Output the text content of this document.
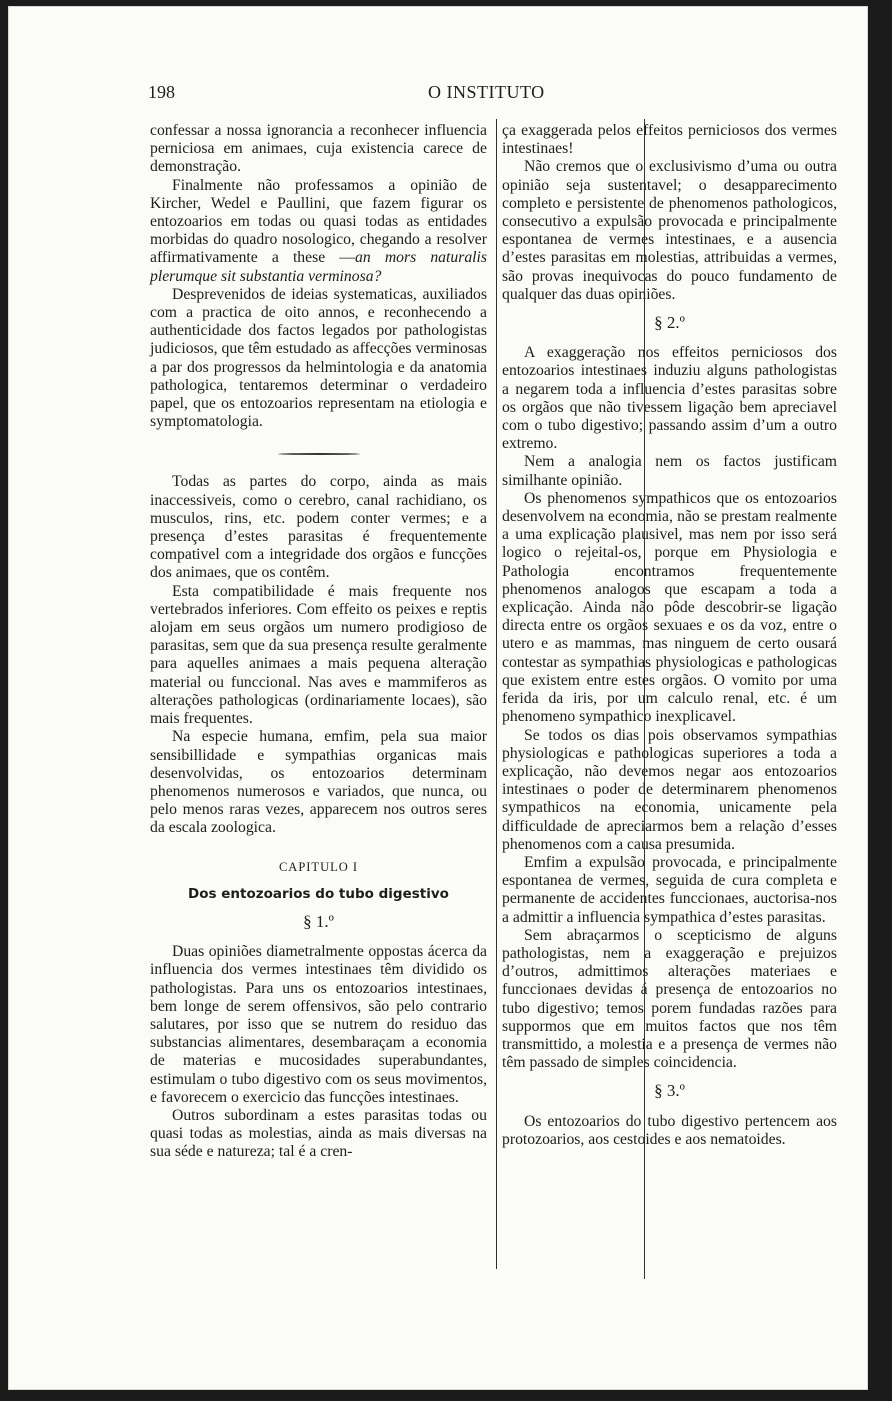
198	O INSTITUTO

confessar a nossa ignorancia a reconhecer influencia perniciosa em animaes, cuja existencia carece de demonstração.

Finalmente não professamos a opinião de Kircher, Wedel e Paullini, que fazem figurar os entozoarios em todas ou quasi todas as entidades morbidas do quadro nosologico, chegando a resolver affirmativamente a these —an mors naturalis plerumque sit substantia verminosa?

Desprevenidos de ideias systematicas, auxiliados com a practica de oito annos, e reconhecendo a authenticidade dos factos legados por pathologistas judiciosos, que têm estudado as affecções verminosas a par dos progressos da helmintologia e da anatomia pathologica, tentaremos determinar o verdadeiro papel, que os entozoarios representam na etiologia e symptomatologia.

Todas as partes do corpo, ainda as mais inaccessiveis, como o cerebro, canal rachidiano, os musculos, rins, etc. podem conter vermes; e a presença d’estes parasitas é frequentemente compativel com a integridade dos orgãos e funcções dos animaes, que os contêm.

Esta compatibilidade é mais frequente nos vertebrados inferiores. Com effeito os peixes e reptis alojam em seus orgãos um numero prodigioso de parasitas, sem que da sua presença resulte geralmente para aquelles animaes a mais pequena alteração material ou funccional. Nas aves e mammiferos as alterações pathologicas (ordinariamente locaes), são mais frequentes.

Na especie humana, emfim, pela sua maior sensibillidade e sympathias organicas mais desenvolvidas, os entozoarios determinam phenomenos numerosos e variados, que nunca, ou pelo menos raras vezes, apparecem nos outros seres da escala zoologica.

CAPITULO I
Dos entozoarios do tubo digestivo
§ 1.º

Duas opiniões diametralmente oppostas ácerca da influencia dos vermes intestinaes têm dividido os pathologistas. Para uns os entozoarios intestinaes, bem longe de serem offensivos, são pelo contrario salutares, por isso que se nutrem do residuo das substancias alimentares, desembaraçam a economia de materias e mucosidades superabundantes, estimulam o tubo digestivo com os seus movimentos, e favorecem o exercicio das funcções intestinaes.

Outros subordinam a estes parasitas todas ou quasi todas as molestias, ainda as mais diversas na sua séde e natureza; tal é a cren-

ça exaggerada pelos effeitos perniciosos dos vermes intestinaes!

Não cremos que o exclusivismo d’uma ou outra opinião seja sustentavel; o desapparecimento completo e persistente de phenomenos pathologicos, consecutivo a expulsão provocada e principalmente espontanea de vermes intestinaes, e a ausencia d’estes parasitas em molestias, attribuidas a vermes, são provas inequivocas do pouco fundamento de qualquer das duas opiniões.

§ 2.º

A exaggeração nos effeitos perniciosos dos entozoarios intestinaes induziu alguns pathologistas a negarem toda a influencia d’estes parasitas sobre os orgãos que não tivessem ligação bem apreciavel com o tubo digestivo; passando assim d’um a outro extremo.

Nem a analogia nem os factos justificam similhante opinião.

Os phenomenos sympathicos que os entozoarios desenvolvem na economia, não se prestam realmente a uma explicação plausivel, mas nem por isso será logico o rejeital-os, porque em Physiologia e Pathologia encontramos frequentemente phenomenos analogos que escapam a toda a explicação. Ainda não pôde descobrir-se ligação directa entre os orgãos sexuaes e os da voz, entre o utero e as mammas, mas ninguem de certo ousará contestar as sympathias physiologicas e pathologicas que existem entre estes orgãos. O vomito por uma ferida da iris, por um calculo renal, etc. é um phenomeno sympathico inexplicavel.

Se todos os dias pois observamos sympathias physiologicas e pathologicas superiores a toda a explicação, não devemos negar aos entozoarios intestinaes o poder de determinarem phenomenos sympathicos na economia, unicamente pela difficuldade de apreciarmos bem a relação d’esses phenomenos com a causa presumida.

Emfim a expulsão provocada, e principalmente espontanea de vermes, seguida de cura completa e permanente de accidentes funccionaes, auctorisa-nos a admittir a influencia sympathica d’estes parasitas.

Sem abraçarmos o scepticismo de alguns pathologistas, nem a exaggeração e prejuizos d’outros, admittimos alterações materiaes e funccionaes devidas á presença de entozoarios no tubo digestivo; temos porem fundadas razões para suppormos que em muitos factos que nos têm transmittido, a molestia e a presença de vermes não têm passado de simples coincidencia.

§ 3.º

Os entozoarios do tubo digestivo pertencem aos protozoarios, aos cestoides e aos nematoides.
